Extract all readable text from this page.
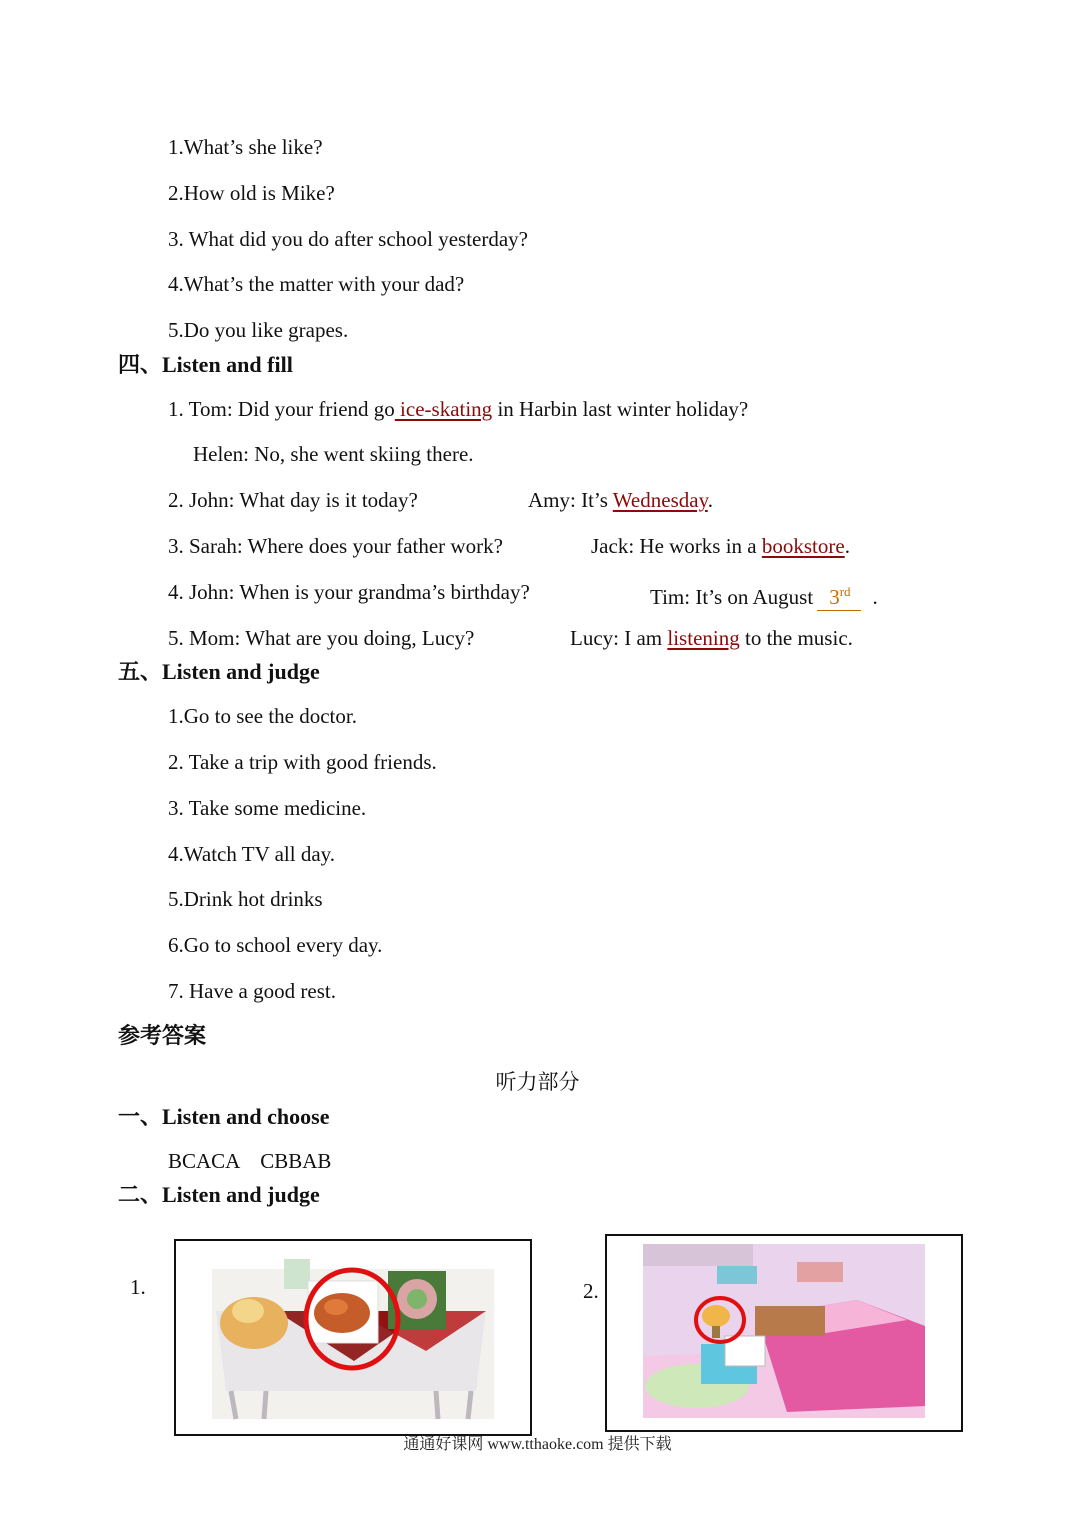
1.What’s she like?
2.How old is Mike?
3. What did you do after school yesterday?
4.What’s the matter with your dad?
5.Do you like grapes.
四、Listen and fill
1. Tom: Did your friend go ice-skating in Harbin last winter holiday?
Helen: No, she went skiing there.
2. John: What day is it today?	Amy: It’s Wednesday.
3. Sarah: Where does your father work?	Jack: He works in a bookstore.
4. John: When is your grandma’s birthday?	Tim: It’s on August 3rd .
5. Mom: What are you doing, Lucy?	Lucy: I am listening to the music.
五、Listen and judge
1.Go to see the doctor.
2. Take a trip with good friends.
3. Take some medicine.
4.Watch TV all day.
5.Drink hot drinks
6.Go to school every day.
7. Have a good rest.
参考答案
听力部分
一、Listen and choose
BCACA    CBBAB
二、Listen and judge
1.	2.
通通好课网 www.tthaoke.com 提供下载
